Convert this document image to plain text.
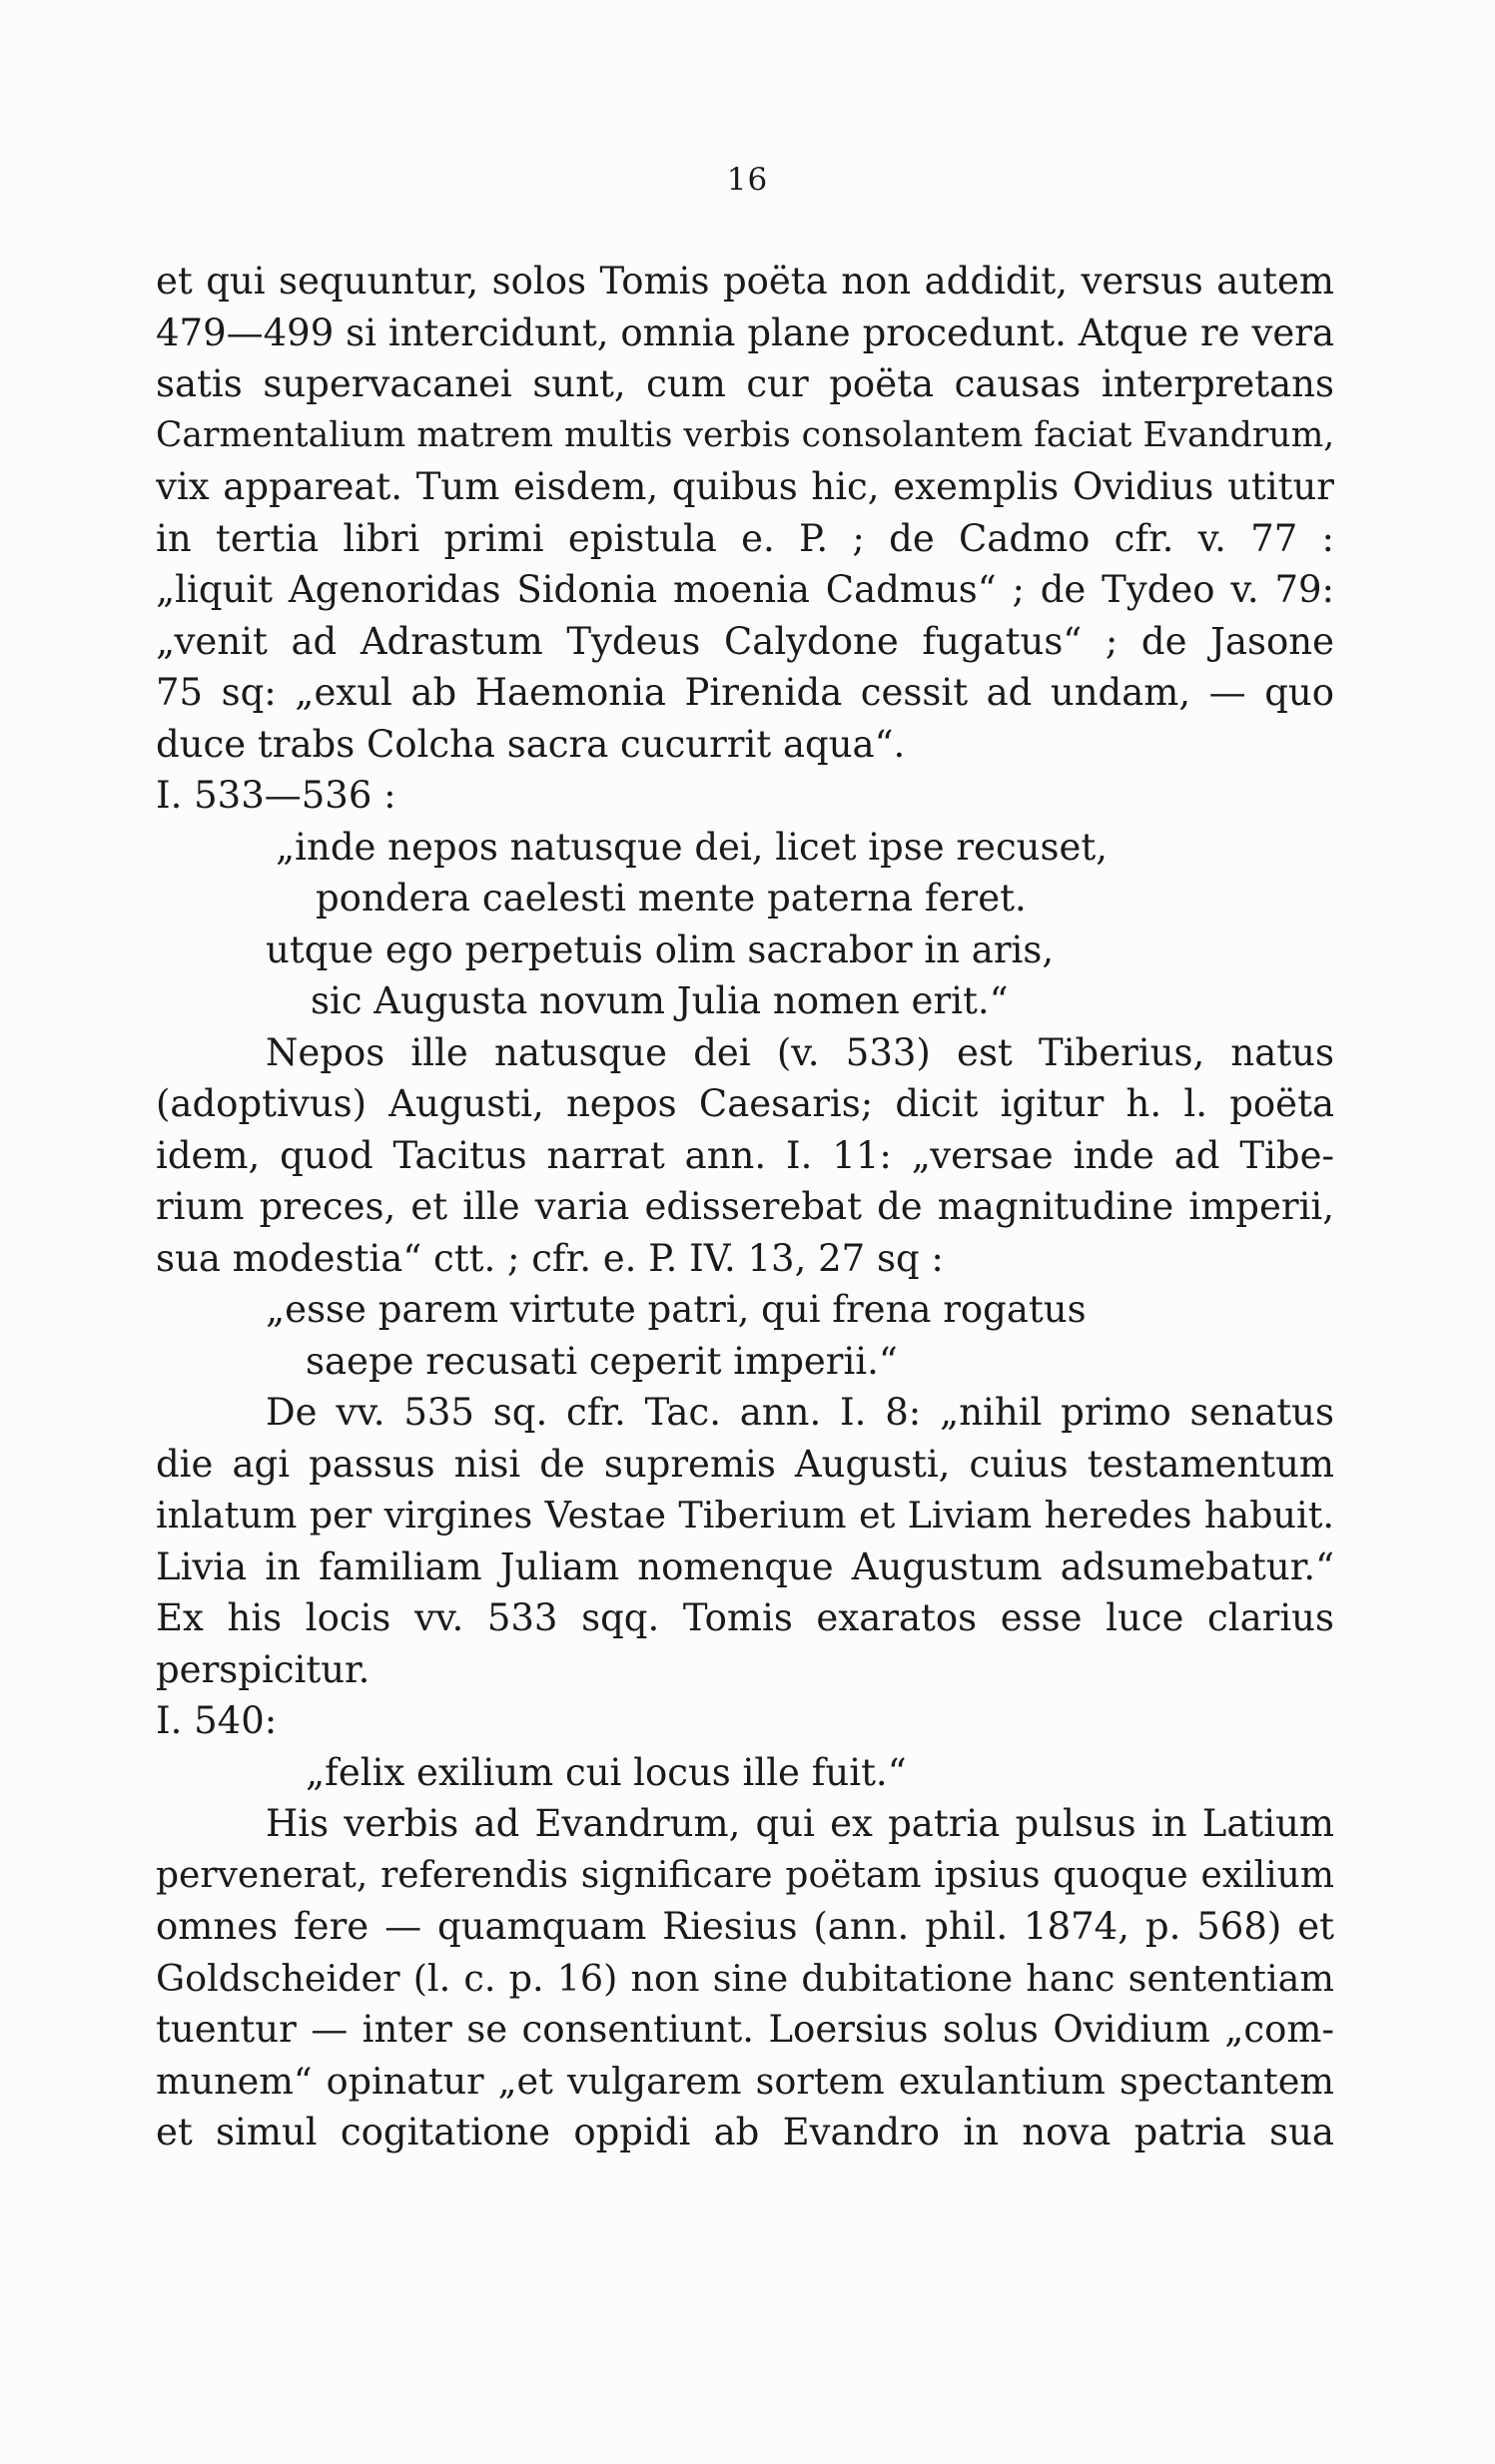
16
et qui sequuntur, solos Tomis poëta non addidit, versus autem
479—499 si intercidunt, omnia plane procedunt. Atque re vera
satis supervacanei sunt, cum cur poëta causas interpretans
Carmentalium matrem multis verbis consolantem faciat Evandrum,
vix appareat. Tum eisdem, quibus hic, exemplis Ovidius utitur
in tertia libri primi epistula e. P. ; de Cadmo cfr. v. 77 :
„liquit Agenoridas Sidonia moenia Cadmus“ ; de Tydeo v. 79:
„venit ad Adrastum Tydeus Calydone fugatus“ ; de Jasone
75 sq: „exul ab Haemonia Pirenida cessit ad undam, — quo
duce trabs Colcha sacra cucurrit aqua“.
I. 533—536 :
„inde nepos natusque dei, licet ipse recuset,
pondera caelesti mente paterna feret.
utque ego perpetuis olim sacrabor in aris,
sic Augusta novum Julia nomen erit.“
Nepos ille natusque dei (v. 533) est Tiberius, natus
(adoptivus) Augusti, nepos Caesaris; dicit igitur h. l. poëta
idem, quod Tacitus narrat ann. I. 11: „versae inde ad Tibe-
rium preces, et ille varia edisserebat de magnitudine imperii,
sua modestia“ ctt. ; cfr. e. P. IV. 13, 27 sq :
„esse parem virtute patri, qui frena rogatus
saepe recusati ceperit imperii.“
De vv. 535 sq. cfr. Tac. ann. I. 8: „nihil primo senatus
die agi passus nisi de supremis Augusti, cuius testamentum
inlatum per virgines Vestae Tiberium et Liviam heredes habuit.
Livia in familiam Juliam nomenque Augustum adsumebatur.“
Ex his locis vv. 533 sqq. Tomis exaratos esse luce clarius
perspicitur.
I. 540:
„felix exilium cui locus ille fuit.“
His verbis ad Evandrum, qui ex patria pulsus in Latium
pervenerat, referendis significare poëtam ipsius quoque exilium
omnes fere — quamquam Riesius (ann. phil. 1874, p. 568) et
Goldscheider (l. c. p. 16) non sine dubitatione hanc sententiam
tuentur — inter se consentiunt. Loersius solus Ovidium „com-
munem“ opinatur „et vulgarem sortem exulantium spectantem
et simul cogitatione oppidi ab Evandro in nova patria sua
